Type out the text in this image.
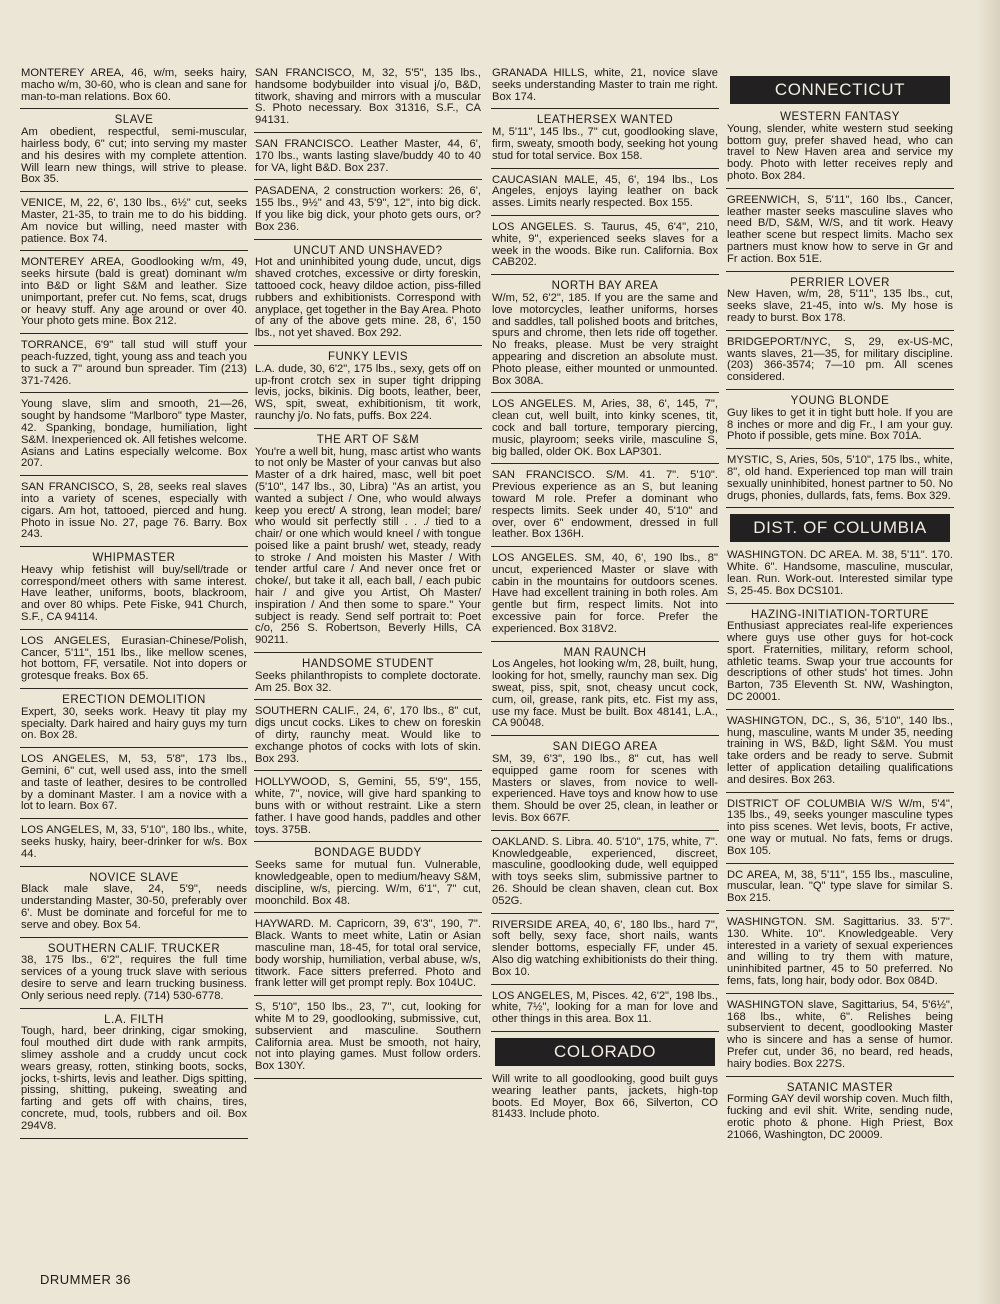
MONTEREY AREA, 46, w/m, seeks hairy, macho w/m, 30-60, who is clean and sane for man-to-man relations. Box 60.
SLAVE
Am obedient, respectful, semi-muscular, hairless body, 6" cut; into serving my master and his desires with my complete attention. Will learn new things, will strive to please. Box 35.
VENICE, M, 22, 6', 130 lbs., 6½" cut, seeks Master, 21-35, to train me to do his bidding. Am novice but willing, need master with patience. Box 74.
MONTEREY AREA, Goodlooking w/m, 49, seeks hirsute (bald is great) dominant w/m into B&D or light S&M and leather. Size unimportant, prefer cut. No fems, scat, drugs or heavy stuff. Any age around or over 40. Your photo gets mine. Box 212.
TORRANCE, 6'9" tall stud will stuff your peach-fuzzed, tight, young ass and teach you to suck a 7" around bun spreader. Tim (213) 371-7426.
Young slave, slim and smooth, 21—26, sought by handsome "Marlboro" type Master, 42. Spanking, bondage, humiliation, light S&M. Inexperienced ok. All fetishes welcome. Asians and Latins especially welcome. Box 207.
SAN FRANCISCO, S, 28, seeks real slaves into a variety of scenes, especially with cigars. Am hot, tattooed, pierced and hung. Photo in issue No. 27, page 76. Barry. Box 243.
WHIPMASTER
Heavy whip fetishist will buy/sell/trade or correspond/meet others with same interest. Have leather, uniforms, boots, blackroom, and over 80 whips. Pete Fiske, 941 Church, S.F., CA 94114.
LOS ANGELES, Eurasian-Chinese/Polish, Cancer, 5'11", 151 lbs., like mellow scenes, hot bottom, FF, versatile. Not into dopers or grotesque freaks. Box 65.
ERECTION DEMOLITION
Expert, 30, seeks work. Heavy tit play my specialty. Dark haired and hairy guys my turn on. Box 28.
LOS ANGELES, M, 53, 5'8", 173 lbs., Gemini, 6" cut, well used ass, into the smell and taste of leather, desires to be controlled by a dominant Master. I am a novice with a lot to learn. Box 67.
LOS ANGELES, M, 33, 5'10", 180 lbs., white, seeks husky, hairy, beer-drinker for w/s. Box 44.
NOVICE SLAVE
Black male slave, 24, 5'9", needs understanding Master, 30-50, preferably over 6'. Must be dominate and forceful for me to serve and obey. Box 54.
SOUTHERN CALIF. TRUCKER
38, 175 lbs., 6'2", requires the full time services of a young truck slave with serious desire to serve and learn trucking business. Only serious need reply. (714) 530-6778.
L.A. FILTH
Tough, hard, beer drinking, cigar smoking, foul mouthed dirt dude with rank armpits, slimey asshole and a cruddy uncut cock wears greasy, rotten, stinking boots, socks, jocks, t-shirts, levis and leather. Digs spitting, pissing, shitting, pukeing, sweating and farting and gets off with chains, tires, concrete, mud, tools, rubbers and oil. Box 294V8.
SAN FRANCISCO, M, 32, 5'5", 135 lbs., handsome bodybuilder into visual j/o, B&D, titwork, shaving and mirrors with a muscular S. Photo necessary. Box 31316, S.F., CA 94131.
SAN FRANCISCO. Leather Master, 44, 6', 170 lbs., wants lasting slave/buddy 40 to 40 for VA, light B&D. Box 237.
PASADENA, 2 construction workers: 26, 6', 155 lbs., 9½" and 43, 5'9", 12", into big dick. If you like big dick, your photo gets ours, or? Box 236.
UNCUT AND UNSHAVED?
Hot and uninhibited young dude, uncut, digs shaved crotches, excessive or dirty foreskin, tattooed cock, heavy dildoe action, piss-filled rubbers and exhibitionists. Correspond with anyplace, get together in the Bay Area. Photo of any of the above gets mine. 28, 6', 150 lbs., not yet shaved. Box 292.
FUNKY LEVIS
L.A. dude, 30, 6'2", 175 lbs., sexy, gets off on up-front crotch sex in super tight dripping levis, jocks, bikinis. Dig boots, leather, beer, WS, spit, sweat, exhibitionism, tit work, raunchy j/o. No fats, puffs. Box 224.
THE ART OF S&M
You're a well bit, hung, masc artist who wants to not only be Master of your canvas but also Master of a drk haired, masc, well bit poet (5'10", 147 lbs., 30, Libra) "As an artist, you wanted a subject / One, who would always keep you erect/ A strong, lean model; bare/ who would sit perfectly still . . ./ tied to a chair/ or one which would kneel / with tongue poised like a paint brush/ wet, steady, ready to stroke / And moisten his Master / With tender artful care / And never once fret or choke/, but take it all, each ball, / each pubic hair / and give you Artist, Oh Master/ inspiration / And then some to spare." Your subject is ready. Send self portrait to: Poet c/o, 256 S. Robertson, Beverly Hills, CA 90211.
HANDSOME STUDENT
Seeks philanthropists to complete doctorate. Am 25. Box 32.
SOUTHERN CALIF., 24, 6', 170 lbs., 8" cut, digs uncut cocks. Likes to chew on foreskin of dirty, raunchy meat. Would like to exchange photos of cocks with lots of skin. Box 293.
HOLLYWOOD, S, Gemini, 55, 5'9", 155, white, 7", novice, will give hard spanking to buns with or without restraint. Like a stern father. I have good hands, paddles and other toys. 375B.
BONDAGE BUDDY
Seeks same for mutual fun. Vulnerable, knowledgeable, open to medium/heavy S&M, discipline, w/s, piercing. W/m, 6'1", 7" cut, moonchild. Box 48.
HAYWARD. M. Capricorn, 39, 6'3", 190, 7". Black. Wants to meet white, Latin or Asian masculine man, 18-45, for total oral service, body worship, humiliation, verbal abuse, w/s, titwork. Face sitters preferred. Photo and frank letter will get prompt reply. Box 104UC.
S, 5'10", 150 lbs., 23, 7", cut, looking for white M to 29, goodlooking, submissive, cut, subservient and masculine. Southern California area. Must be smooth, not hairy, not into playing games. Must follow orders. Box 130Y.
GRANADA HILLS, white, 21, novice slave seeks understanding Master to train me right. Box 174.
LEATHERSEX WANTED
M, 5'11", 145 lbs., 7" cut, goodlooking slave, firm, sweaty, smooth body, seeking hot young stud for total service. Box 158.
CAUCASIAN MALE, 45, 6', 194 lbs., Los Angeles, enjoys laying leather on back asses. Limits nearly respected. Box 155.
LOS ANGELES. S. Taurus, 45, 6'4", 210, white, 9", experienced seeks slaves for a week in the woods. Bike run. California. Box CAB202.
NORTH BAY AREA
W/m, 52, 6'2", 185. If you are the same and love motorcycles, leather uniforms, horses and saddles, tall polished boots and britches, spurs and chrome, then lets ride off together. No freaks, please. Must be very straight appearing and discretion an absolute must. Photo please, either mounted or unmounted. Box 308A.
LOS ANGELES. M, Aries, 38, 6', 145, 7", clean cut, well built, into kinky scenes, tit, cock and ball torture, temporary piercing, music, playroom; seeks virile, masculine S, big balled, older OK. Box LAP301.
SAN FRANCISCO. S/M. 41. 7". 5'10". Previous experience as an S, but leaning toward M role. Prefer a dominant who respects limits. Seek under 40, 5'10" and over, over 6" endowment, dressed in full leather. Box 136H.
LOS ANGELES. SM, 40, 6', 190 lbs., 8" uncut, experienced Master or slave with cabin in the mountains for outdoors scenes. Have had excellent training in both roles. Am gentle but firm, respect limits. Not into excessive pain for force. Prefer the experienced. Box 318V2.
MAN RAUNCH
Los Angeles, hot looking w/m, 28, built, hung, looking for hot, smelly, raunchy man sex. Dig sweat, piss, spit, snot, cheasy uncut cock, cum, oil, grease, rank pits, etc. Fist my ass, use my face. Must be built. Box 48141, L.A., CA 90048.
SAN DIEGO AREA
SM, 39, 6'3", 190 lbs., 8" cut, has well equipped game room for scenes with Masters or slaves, from novice to well-experienced. Have toys and know how to use them. Should be over 25, clean, in leather or levis. Box 667F.
OAKLAND. S. Libra. 40. 5'10", 175, white, 7". Knowledgeable, experienced, discreet, masculine, goodlooking dude, well equipped with toys seeks slim, submissive partner to 26. Should be clean shaven, clean cut. Box 052G.
RIVERSIDE AREA, 40, 6', 180 lbs., hard 7", soft belly, sexy face, short nails, wants slender bottoms, especially FF, under 45. Also dig watching exhibitionists do their thing. Box 10.
LOS ANGELES, M, Pisces. 42, 6'2", 198 lbs., white, 7½", looking for a man for love and other things in this area. Box 11.
COLORADO
Will write to all goodlooking, good built guys wearing leather pants, jackets, high-top boots. Ed Moyer, Box 66, Silverton, CO 81433. Include photo.
CONNECTICUT
WESTERN FANTASY
Young, slender, white western stud seeking bottom guy, prefer shaved head, who can travel to New Haven area and service my body. Photo with letter receives reply and photo. Box 284.
GREENWICH, S, 5'11", 160 lbs., Cancer, leather master seeks masculine slaves who need B/D, S&M, W/S, and tit work. Heavy leather scene but respect limits. Macho sex partners must know how to serve in Gr and Fr action. Box 51E.
PERRIER LOVER
New Haven, w/m, 28, 5'11", 135 lbs., cut, seeks slave, 21-45, into w/s. My hose is ready to burst. Box 178.
BRIDGEPORT/NYC, S, 29, ex-US-MC, wants slaves, 21—35, for military discipline. (203) 366-3574; 7—10 pm. All scenes considered.
YOUNG BLONDE
Guy likes to get it in tight butt hole. If you are 8 inches or more and dig Fr., I am your guy. Photo if possible, gets mine. Box 701A.
MYSTIC, S, Aries, 50s, 5'10", 175 lbs., white, 8", old hand. Experienced top man will train sexually uninhibited, honest partner to 50. No drugs, phonies, dullards, fats, fems. Box 329.
DIST. OF COLUMBIA
WASHINGTON. DC AREA. M. 38, 5'11". 170. White. 6". Handsome, masculine, muscular, lean. Run. Work-out. Interested similar type S, 25-45. Box DCS101.
HAZING-INITIATION-TORTURE
Enthusiast appreciates real-life experiences where guys use other guys for hot-cock sport. Fraternities, military, reform school, athletic teams. Swap your true accounts for descriptions of other studs' hot times. John Barton, 735 Eleventh St. NW, Washington, DC 20001.
WASHINGTON, DC., S, 36, 5'10", 140 lbs., hung, masculine, wants M under 35, needing training in WS, B&D, light S&M. You must take orders and be ready to serve. Submit letter of application detailing qualifications and desires. Box 263.
DISTRICT OF COLUMBIA W/S W/m, 5'4", 135 lbs., 49, seeks younger masculine types into piss scenes. Wet levis, boots, Fr active, one way or mutual. No fats, fems or drugs. Box 105.
DC AREA, M, 38, 5'11", 155 lbs., masculine, muscular, lean. "Q" type slave for similar S. Box 215.
WASHINGTON. SM. Sagittarius. 33. 5'7". 130. White. 10". Knowledgeable. Very interested in a variety of sexual experiences and willing to try them with mature, uninhibited partner, 45 to 50 preferred. No fems, fats, long hair, body odor. Box 084D.
WASHINGTON slave, Sagittarius, 54, 5'6½", 168 lbs., white, 6". Relishes being subservient to decent, goodlooking Master who is sincere and has a sense of humor. Prefer cut, under 36, no beard, red heads, hairy bodies. Box 227S.
SATANIC MASTER
Forming GAY devil worship coven. Much filth, fucking and evil shit. Write, sending nude, erotic photo & phone. High Priest, Box 21066, Washington, DC 20009.
DRUMMER 36
